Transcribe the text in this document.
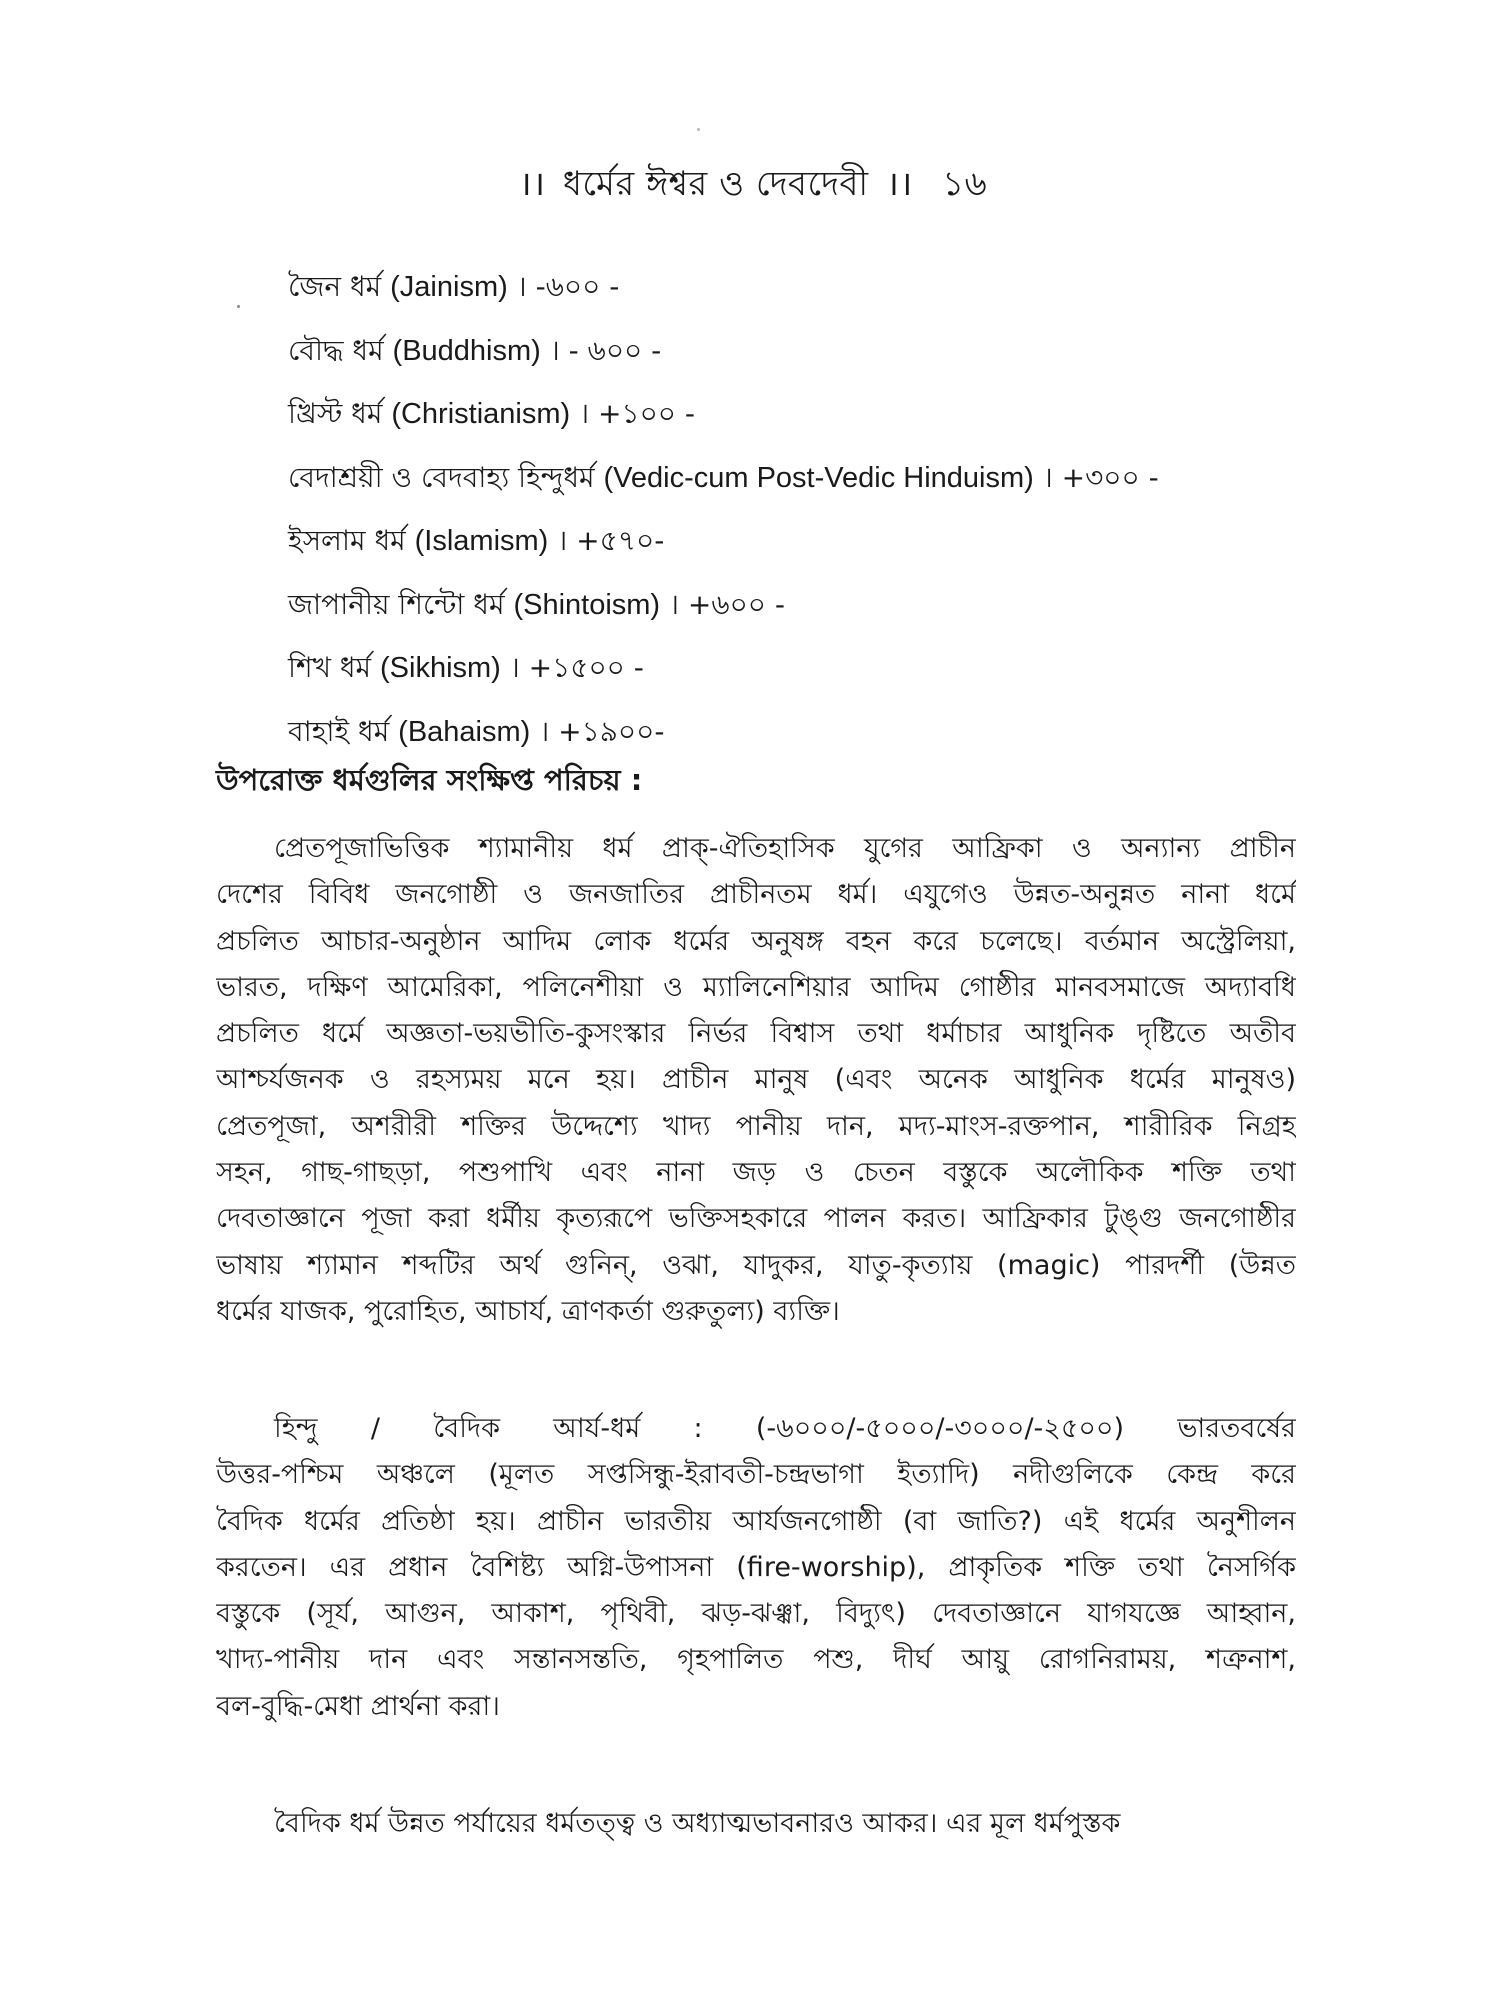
।। ধর্মের ঈশ্বর ও দেবদেবী ।। ১৬
জৈন ধর্ম (Jainism) । -৬০০ -
বৌদ্ধ ধর্ম (Buddhism) । - ৬০০ -
খ্রিস্ট ধর্ম (Christianism) । +১০০ -
বেদাশ্রয়ী ও বেদবাহ্য হিন্দুধর্ম (Vedic-cum Post-Vedic Hinduism) । +৩০০ -
ইসলাম ধর্ম (Islamism) । +৫৭০-
জাপানীয় শিন্টো ধর্ম (Shintoism) । +৬০০ -
শিখ ধর্ম (Sikhism) । +১৫০০ -
বাহাই ধর্ম (Bahaism) । +১৯০০-
উপরোক্ত ধর্মগুলির সংক্ষিপ্ত পরিচয় :
প্রেতপূজাভিত্তিক শ্যামানীয় ধর্ম প্রাক্-ঐতিহাসিক যুগের আফ্রিকা ও অন্যান্য প্রাচীন
দেশের বিবিধ জনগোষ্ঠী ও জনজাতির প্রাচীনতম ধর্ম। এযুগেও উন্নত-অনুন্নত নানা ধর্মে
প্রচলিত আচার-অনুষ্ঠান আদিম লোক ধর্মের অনুষঙ্গ বহন করে চলেছে। বর্তমান অস্ট্রেলিয়া,
ভারত, দক্ষিণ আমেরিকা, পলিনেশীয়া ও ম্যালিনেশিয়ার আদিম গোষ্ঠীর মানবসমাজে অদ্যাবধি
প্রচলিত ধর্মে অজ্ঞতা-ভয়ভীতি-কুসংস্কার নির্ভর বিশ্বাস তথা ধর্মাচার আধুনিক দৃষ্টিতে অতীব
আশ্চর্যজনক ও রহস্যময় মনে হয়। প্রাচীন মানুষ (এবং অনেক আধুনিক ধর্মের মানুষও)
প্রেতপূজা, অশরীরী শক্তির উদ্দেশ্যে খাদ্য পানীয় দান, মদ্য-মাংস-রক্তপান, শারীরিক নিগ্রহ
সহন, গাছ-গাছড়া, পশুপাখি এবং নানা জড় ও চেতন বস্তুকে অলৌকিক শক্তি তথা
দেবতাজ্ঞানে পূজা করা ধর্মীয় কৃত্যরূপে ভক্তিসহকারে পালন করত। আফ্রিকার টুঙ্গু জনগোষ্ঠীর
ভাষায় শ্যামান শব্দটির অর্থ গুনিন্, ওঝা, যাদুকর, যাতু-কৃত্যায় (magic) পারদর্শী (উন্নত
ধর্মের যাজক, পুরোহিত, আচার্য, ত্রাণকর্তা গুরুতুল্য) ব্যক্তি।
হিন্দু / বৈদিক আর্য-ধর্ম : (-৬০০০/-৫০০০/-৩০০০/-২৫০০) ভারতবর্ষের
উত্তর-পশ্চিম অঞ্চলে (মূলত সপ্তসিন্ধু-ইরাবতী-চন্দ্রভাগা ইত্যাদি) নদীগুলিকে কেন্দ্র করে
বৈদিক ধর্মের প্রতিষ্ঠা হয়। প্রাচীন ভারতীয় আর্যজনগোষ্ঠী (বা জাতি?) এই ধর্মের অনুশীলন
করতেন। এর প্রধান বৈশিষ্ট্য অগ্নি-উপাসনা (fire-worship), প্রাকৃতিক শক্তি তথা নৈসর্গিক
বস্তুকে (সূর্য, আগুন, আকাশ, পৃথিবী, ঝড়-ঝঞ্ঝা, বিদ্যুৎ) দেবতাজ্ঞানে যাগযজ্ঞে আহ্বান,
খাদ্য-পানীয় দান এবং সন্তানসন্ততি, গৃহপালিত পশু, দীর্ঘ আয়ু রোগনিরাময়, শত্রুনাশ,
বল-বুদ্ধি-মেধা প্রার্থনা করা।
বৈদিক ধর্ম উন্নত পর্যায়ের ধর্মতত্ত্ব ও অধ্যাত্মভাবনারও আকর। এর মূল ধর্মপুস্তক
